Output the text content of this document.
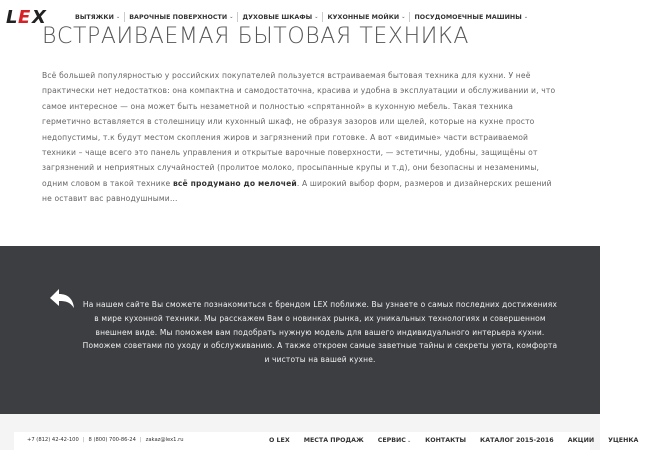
L E X	ВЫТЯЖКИ ⌄ ВАРОЧНЫЕ ПОВЕРХНОСТИ ⌄ ДУХОВЫЕ ШКАФЫ ⌄ КУХОННЫЕ МОЙКИ ⌄ ПОСУДОМОЕЧНЫЕ МАШИНЫ ⌄
ВСТРАИВАЕМАЯ БЫТОВАЯ ТЕХНИКА

Всё большей популярностью у российских покупателей пользуется встраиваемая бытовая техника для кухни. У неё практически нет недостатков: она компактна и самодостаточна, красива и удобна в эксплуатации и обслуживании и, что самое интересное — она может быть незаметной и полностью «спрятанной» в кухонную мебель. Такая техника герметично вставляется в столешницу или кухонный шкаф, не образуя зазоров или щелей, которые на кухне просто недопустимы, т.к будут местом скопления жиров и загрязнений при готовке. А вот «видимые» части встраиваемой техники – чаще всего это панель управления и открытые варочные поверхности, — эстетичны, удобны, защищёны от загрязнений и неприятных случайностей (пролитое молоко, просыпанные крупы и т.д), они безопасны и незаменимы, одним словом в такой технике всё продумано до мелочей. А широкий выбор форм, размеров и дизайнерских решений не оставит вас равнодушными…

На нашем сайте Вы сможете познакомиться с брендом LEX поближе. Вы узнаете о самых последних достижениях в мире кухонной техники. Мы расскажем Вам о новинках рынка, их уникальных технологиях и совершенном внешнем виде. Мы поможем вам подобрать нужную модель для вашего индивидуального интерьера кухни. Поможем советами по уходу и обслуживанию. А также откроем самые заветные тайны и секреты уюта, комфорта и чистоты на вашей кухне.

+7 (812) 42-42-100 | 8 (800) 700-86-24 | zakaz@lex1.ru	О LEX МЕСТА ПРОДАЖ СЕРВИС ⌄ КОНТАКТЫ КАТАЛОГ 2015-2016 АКЦИИ УЦЕНКА
